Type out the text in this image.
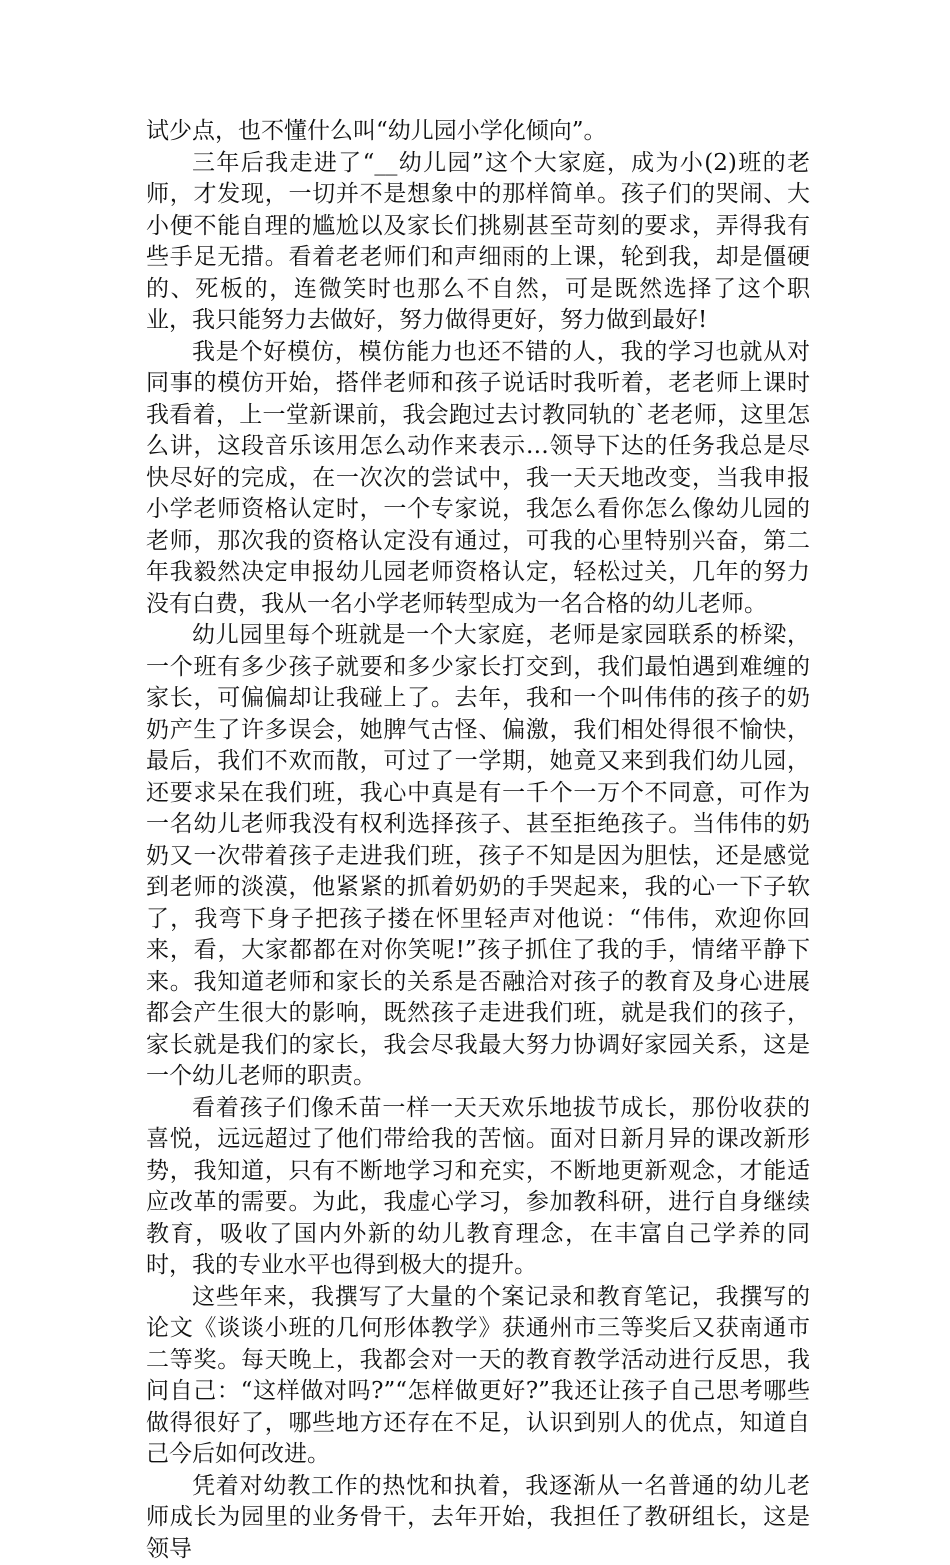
试少点，也不懂什么叫“幼儿园小学化倾向”。

三年后我走进了“__幼儿园”这个大家庭，成为小(2)班的老师，才发现，一切并不是想象中的那样简单。孩子们的哭闹、大小便不能自理的尴尬以及家长们挑剔甚至苛刻的要求，弄得我有些手足无措。看着老老师们和声细雨的上课，轮到我，却是僵硬的、死板的，连微笑时也那么不自然，可是既然选择了这个职业，我只能努力去做好，努力做得更好，努力做到最好!

我是个好模仿，模仿能力也还不错的人，我的学习也就从对同事的模仿开始，搭伴老师和孩子说话时我听着，老老师上课时我看着，上一堂新课前，我会跑过去讨教同轨的`老老师，这里怎么讲，这段音乐该用怎么动作来表示…领导下达的任务我总是尽快尽好的完成，在一次次的尝试中，我一天天地改变，当我申报小学老师资格认定时，一个专家说，我怎么看你怎么像幼儿园的老师，那次我的资格认定没有通过，可我的心里特别兴奋，第二年我毅然决定申报幼儿园老师资格认定，轻松过关，几年的努力没有白费，我从一名小学老师转型成为一名合格的幼儿老师。

幼儿园里每个班就是一个大家庭，老师是家园联系的桥梁，一个班有多少孩子就要和多少家长打交到，我们最怕遇到难缠的家长，可偏偏却让我碰上了。去年，我和一个叫伟伟的孩子的奶奶产生了许多误会，她脾气古怪、偏激，我们相处得很不愉快，最后，我们不欢而散，可过了一学期，她竟又来到我们幼儿园，还要求呆在我们班，我心中真是有一千个一万个不同意，可作为一名幼儿老师我没有权利选择孩子、甚至拒绝孩子。当伟伟的奶奶又一次带着孩子走进我们班，孩子不知是因为胆怯，还是感觉到老师的淡漠，他紧紧的抓着奶奶的手哭起来，我的心一下子软了，我弯下身子把孩子搂在怀里轻声对他说：“伟伟，欢迎你回来，看，大家都都在对你笑呢!”孩子抓住了我的手，情绪平静下来。我知道老师和家长的关系是否融洽对孩子的教育及身心进展都会产生很大的影响，既然孩子走进我们班，就是我们的孩子，家长就是我们的家长，我会尽我最大努力协调好家园关系，这是一个幼儿老师的职责。

看着孩子们像禾苗一样一天天欢乐地拔节成长，那份收获的喜悦，远远超过了他们带给我的苦恼。面对日新月异的课改新形势，我知道，只有不断地学习和充实，不断地更新观念，才能适应改革的需要。为此，我虚心学习，参加教科研，进行自身继续教育，吸收了国内外新的幼儿教育理念，在丰富自己学养的同时，我的专业水平也得到极大的提升。

这些年来，我撰写了大量的个案记录和教育笔记，我撰写的论文《谈谈小班的几何形体教学》获通州市三等奖后又获南通市二等奖。每天晚上，我都会对一天的教育教学活动进行反思，我问自己：“这样做对吗?”“怎样做更好?”我还让孩子自己思考哪些做得很好了，哪些地方还存在不足，认识到别人的优点，知道自己今后如何改进。

凭着对幼教工作的热忱和执着，我逐渐从一名普通的幼儿老师成长为园里的业务骨干，去年开始，我担任了教研组长，这是领导
